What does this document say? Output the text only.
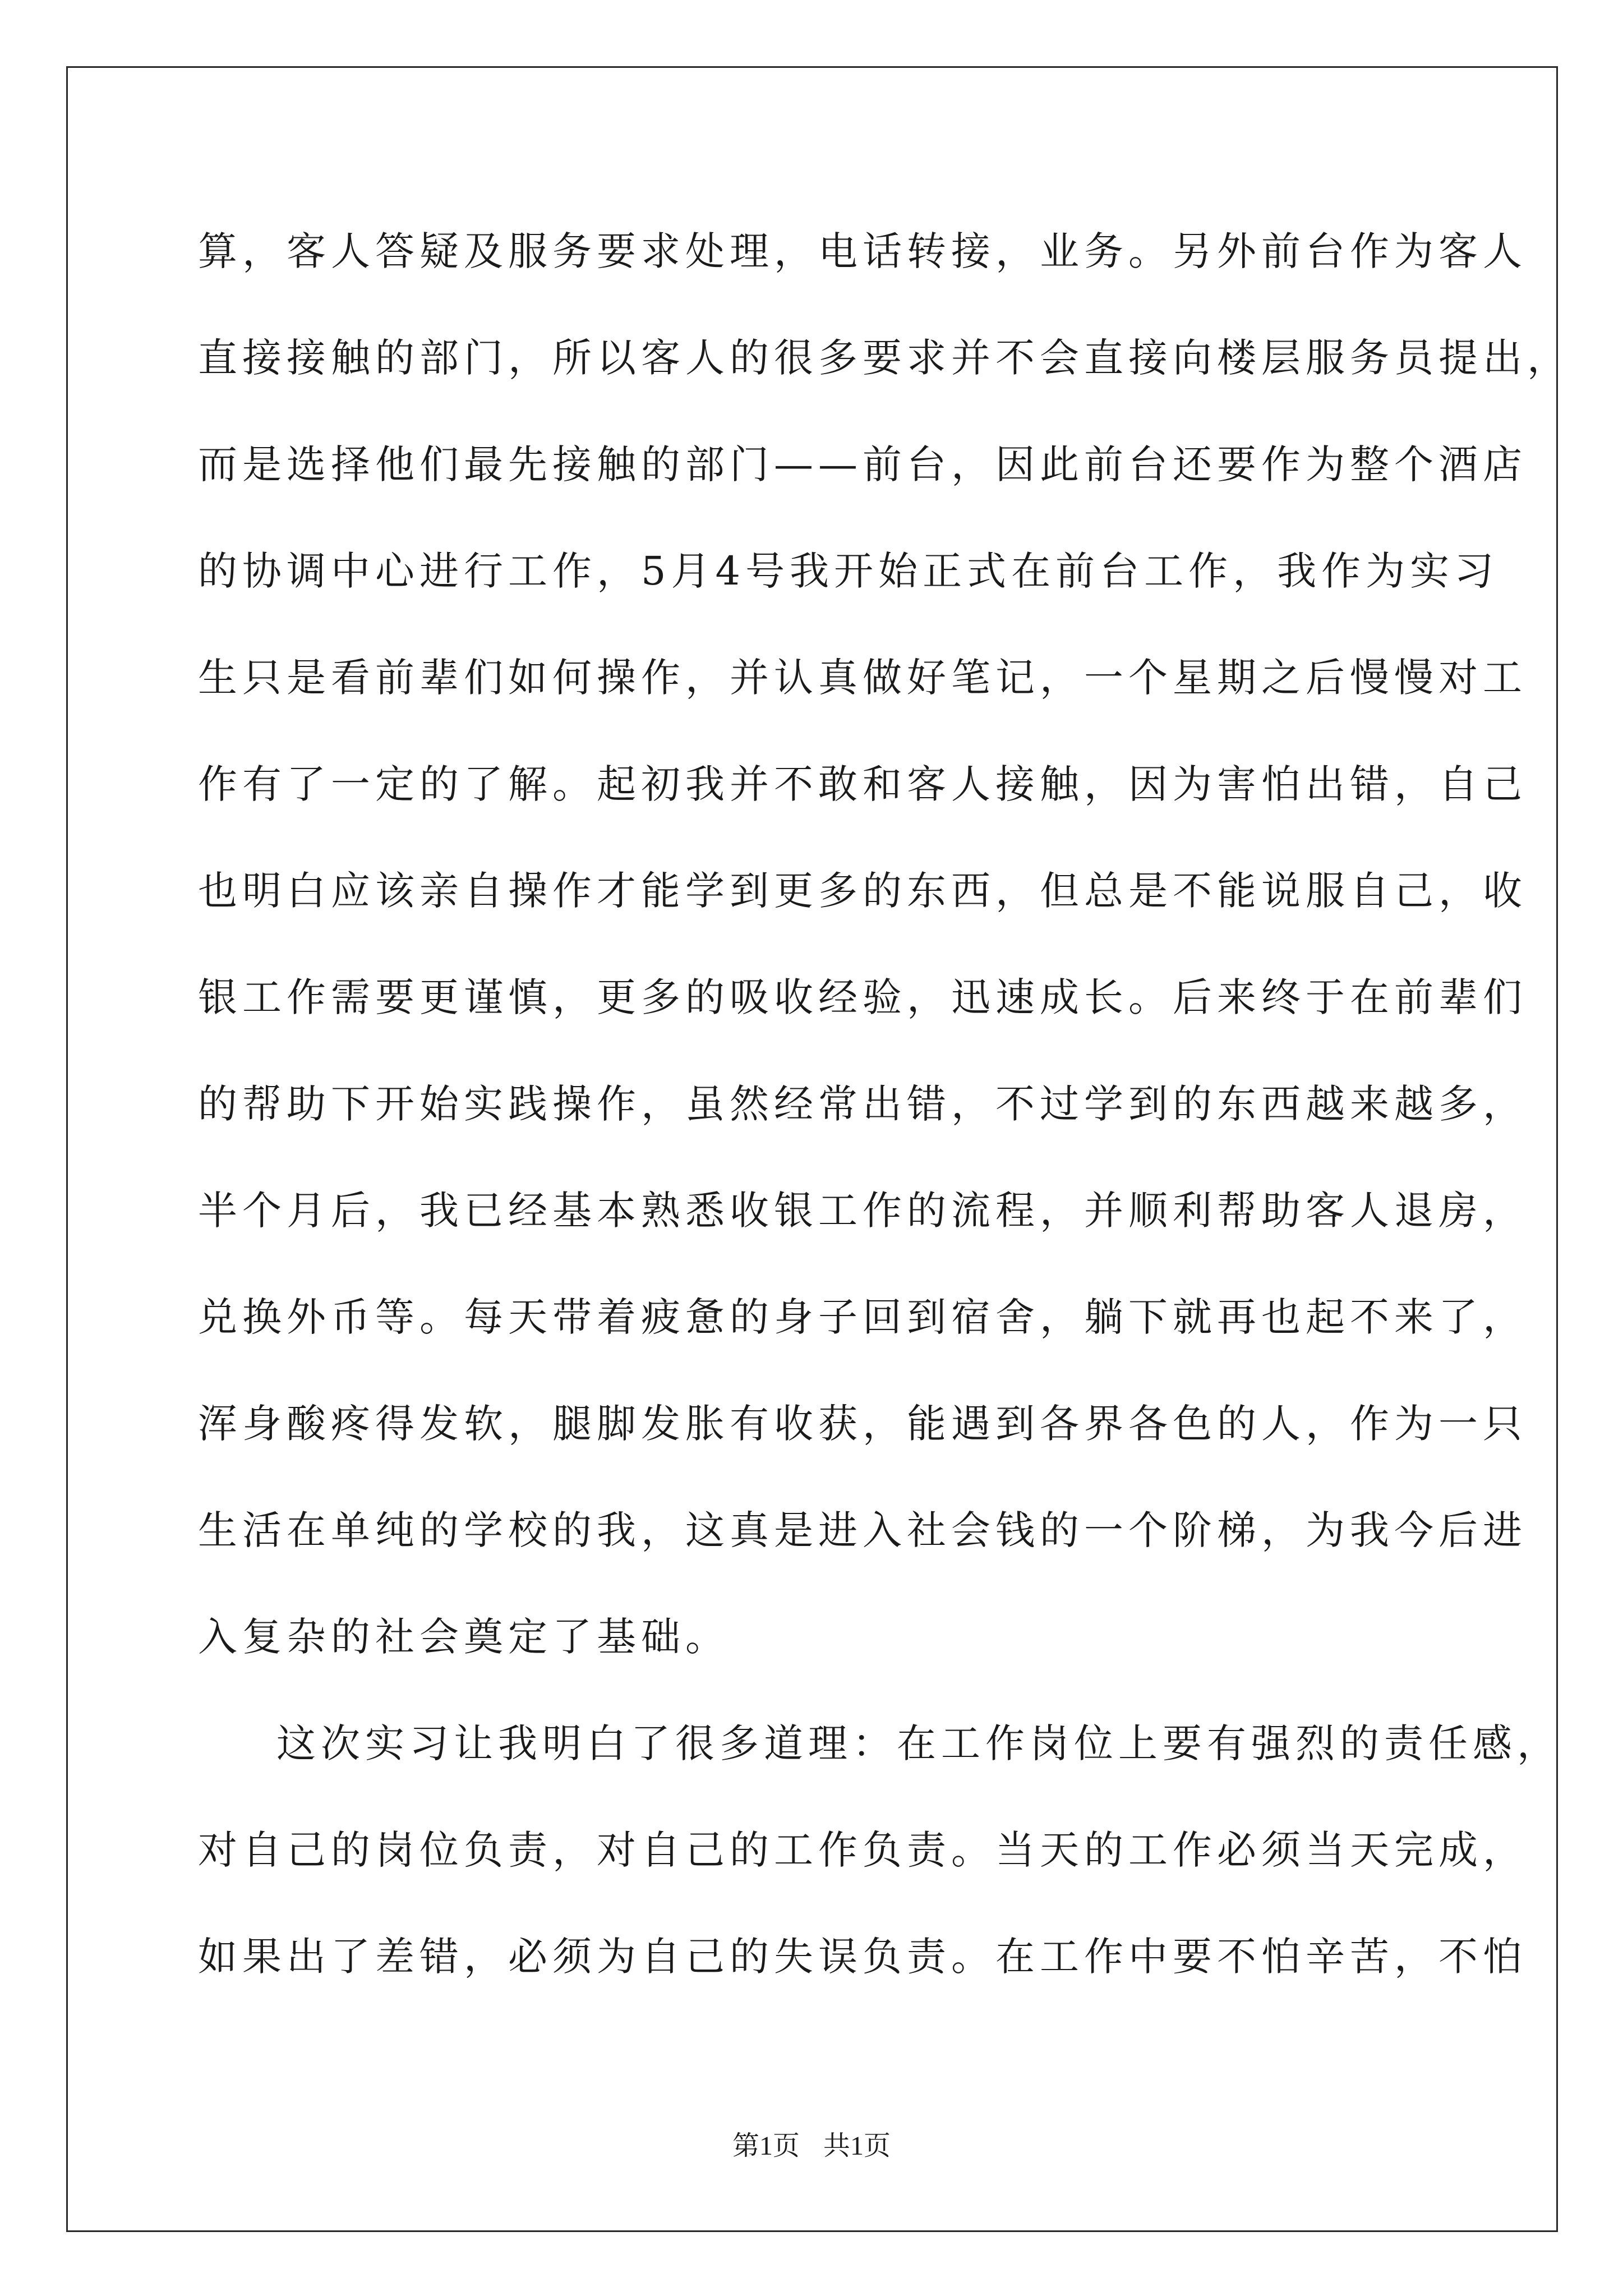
算，客人答疑及服务要求处理，电话转接，业务。另外前台作为客人
直接接触的部门，所以客人的很多要求并不会直接向楼层服务员提出，
而是选择他们最先接触的部门——前台，因此前台还要作为整个酒店
的协调中心进行工作，5月4号我开始正式在前台工作，我作为实习
生只是看前辈们如何操作，并认真做好笔记，一个星期之后慢慢对工
作有了一定的了解。起初我并不敢和客人接触，因为害怕出错，自己
也明白应该亲自操作才能学到更多的东西，但总是不能说服自己，收
银工作需要更谨慎，更多的吸收经验，迅速成长。后来终于在前辈们
的帮助下开始实践操作，虽然经常出错，不过学到的东西越来越多，
半个月后，我已经基本熟悉收银工作的流程，并顺利帮助客人退房，
兑换外币等。每天带着疲惫的身子回到宿舍，躺下就再也起不来了，
浑身酸疼得发软，腿脚发胀有收获，能遇到各界各色的人，作为一只
生活在单纯的学校的我，这真是进入社会钱的一个阶梯，为我今后进
入复杂的社会奠定了基础。
这次实习让我明白了很多道理：在工作岗位上要有强烈的责任感，
对自己的岗位负责，对自己的工作负责。当天的工作必须当天完成，
如果出了差错，必须为自己的失误负责。在工作中要不怕辛苦，不怕
第1页 共1页
